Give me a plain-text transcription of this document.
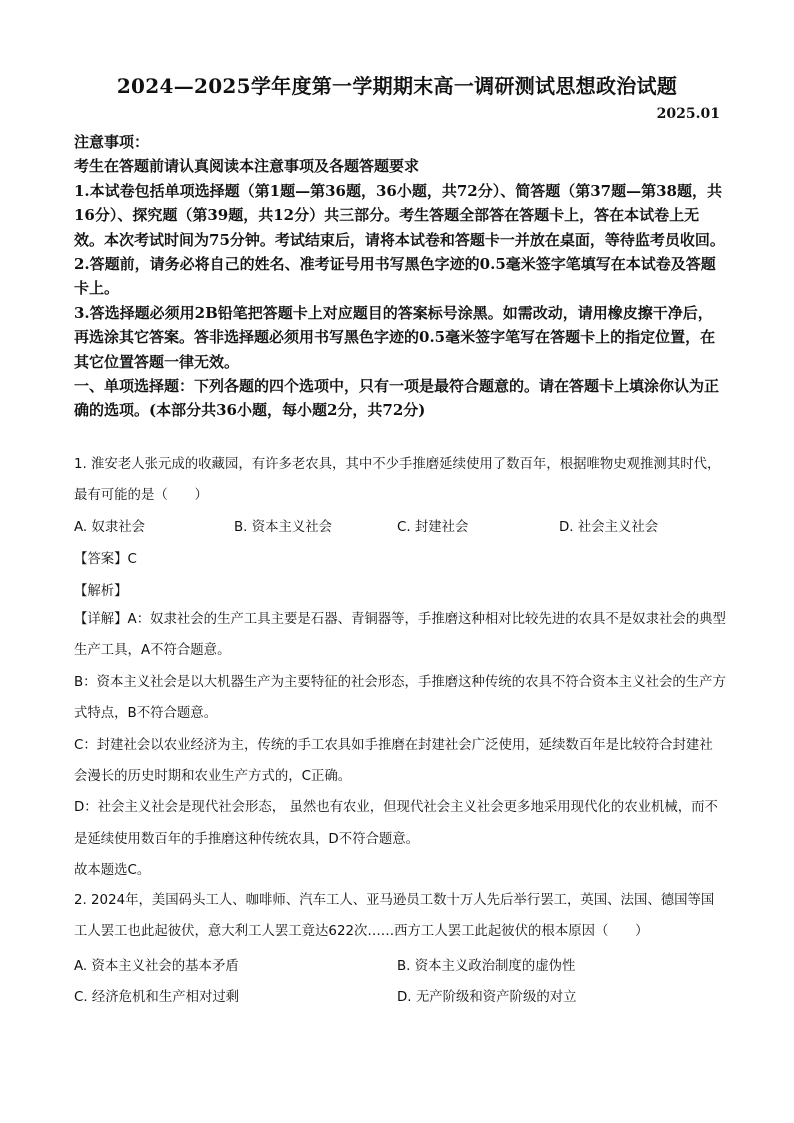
2024—2025学年度第一学期期末高一调研测试思想政治试题
2025.01

注意事项：

考生在答题前请认真阅读本注意事项及各题答题要求

1.本试卷包括单项选择题（第1题—第36题，36小题，共72分）、简答题（第37题—第38题，共16分）、探究题（第39题，共12分）共三部分。考生答题全部答在答题卡上，答在本试卷上无效。本次考试时间为75分钟。考试结束后，请将本试卷和答题卡一并放在桌面，等待监考员收回。

2.答题前，请务必将自己的姓名、准考证号用书写黑色字迹的0.5毫米签字笔填写在本试卷及答题卡上。

3.答选择题必须用2B铅笔把答题卡上对应题目的答案标号涂黑。如需改动，请用橡皮擦干净后，再选涂其它答案。答非选择题必须用书写黑色字迹的0.5毫米签字笔写在答题卡上的指定位置，在其它位置答题一律无效。

一、单项选择题：下列各题的四个选项中，只有一项是最符合题意的。请在答题卡上填涂你认为正确的选项。(本部分共36小题，每小题2分，共72分)

1. 淮安老人张元成的收藏园，有许多老农具，其中不少手推磨延续使用了数百年，根据唯物史观推测其时代，最有可能的是（　　）
A. 奴隶社会	B. 资本主义社会	C. 封建社会	D. 社会主义社会
【答案】C
【解析】

【详解】A：奴隶社会的生产工具主要是石器、青铜器等，手推磨这种相对比较先进的农具不是奴隶社会的典型生产工具，A不符合题意。

B：资本主义社会是以大机器生产为主要特征的社会形态，手推磨这种传统的农具不符合资本主义社会的生产方式特点，B不符合题意。

C：封建社会以农业经济为主，传统的手工农具如手推磨在封建社会广泛使用，延续数百年是比较符合封建社会漫长的历史时期和农业生产方式的，C正确。

D：社会主义社会是现代社会形态， 虽然也有农业，但现代社会主义社会更多地采用现代化的农业机械，而不是延续使用数百年的手推磨这种传统农具，D不符合题意。

故本题选C。

2. 2024年，美国码头工人、咖啡师、汽车工人、亚马逊员工数十万人先后举行罢工，英国、法国、德国等国工人罢工也此起彼伏，意大利工人罢工竟达622次……西方工人罢工此起彼伏的根本原因（　　）
A. 资本主义社会的基本矛盾	B. 资本主义政治制度的虚伪性
C. 经济危机和生产相对过剩	D. 无产阶级和资产阶级的对立
